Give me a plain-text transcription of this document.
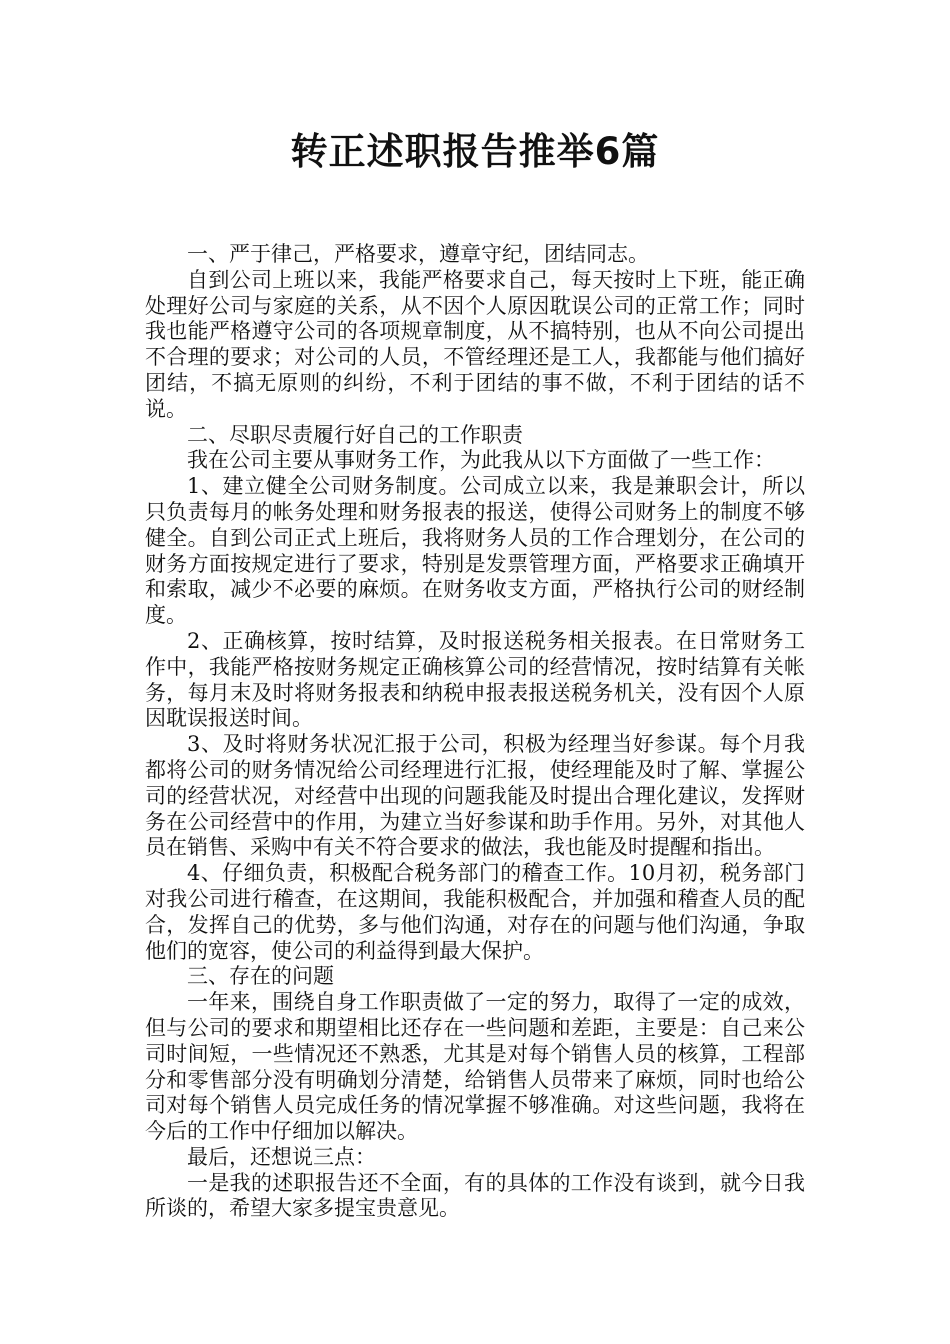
转正述职报告推举6篇

一、严于律己，严格要求，遵章守纪，团结同志。

自到公司上班以来，我能严格要求自己，每天按时上下班，能正确处理好公司与家庭的关系，从不因个人原因耽误公司的正常工作；同时我也能严格遵守公司的各项规章制度，从不搞特别，也从不向公司提出不合理的要求；对公司的人员，不管经理还是工人，我都能与他们搞好团结，不搞无原则的纠纷，不利于团结的事不做，不利于团结的话不说。

二、尽职尽责履行好自己的工作职责

我在公司主要从事财务工作，为此我从以下方面做了一些工作：

1、建立健全公司财务制度。公司成立以来，我是兼职会计，所以只负责每月的帐务处理和财务报表的报送，使得公司财务上的制度不够健全。自到公司正式上班后，我将财务人员的工作合理划分，在公司的财务方面按规定进行了要求，特别是发票管理方面，严格要求正确填开和索取，减少不必要的麻烦。在财务收支方面，严格执行公司的财经制度。

2、正确核算，按时结算，及时报送税务相关报表。在日常财务工作中，我能严格按财务规定正确核算公司的经营情况，按时结算有关帐务，每月末及时将财务报表和纳税申报表报送税务机关，没有因个人原因耽误报送时间。

3、及时将财务状况汇报于公司，积极为经理当好参谋。每个月我都将公司的财务情况给公司经理进行汇报，使经理能及时了解、掌握公司的经营状况，对经营中出现的问题我能及时提出合理化建议，发挥财务在公司经营中的作用，为建立当好参谋和助手作用。另外，对其他人员在销售、采购中有关不符合要求的做法，我也能及时提醒和指出。

4、仔细负责，积极配合税务部门的稽查工作。10月初，税务部门对我公司进行稽查，在这期间，我能积极配合，并加强和稽查人员的配合，发挥自己的优势，多与他们沟通，对存在的问题与他们沟通，争取他们的宽容，使公司的利益得到最大保护。

三、存在的问题

一年来，围绕自身工作职责做了一定的努力，取得了一定的成效，但与公司的要求和期望相比还存在一些问题和差距，主要是：自己来公司时间短，一些情况还不熟悉，尤其是对每个销售人员的核算，工程部分和零售部分没有明确划分清楚，给销售人员带来了麻烦，同时也给公司对每个销售人员完成任务的情况掌握不够准确。对这些问题，我将在今后的工作中仔细加以解决。

最后，还想说三点：

一是我的述职报告还不全面，有的具体的工作没有谈到，就今日我所谈的，希望大家多提宝贵意见。
